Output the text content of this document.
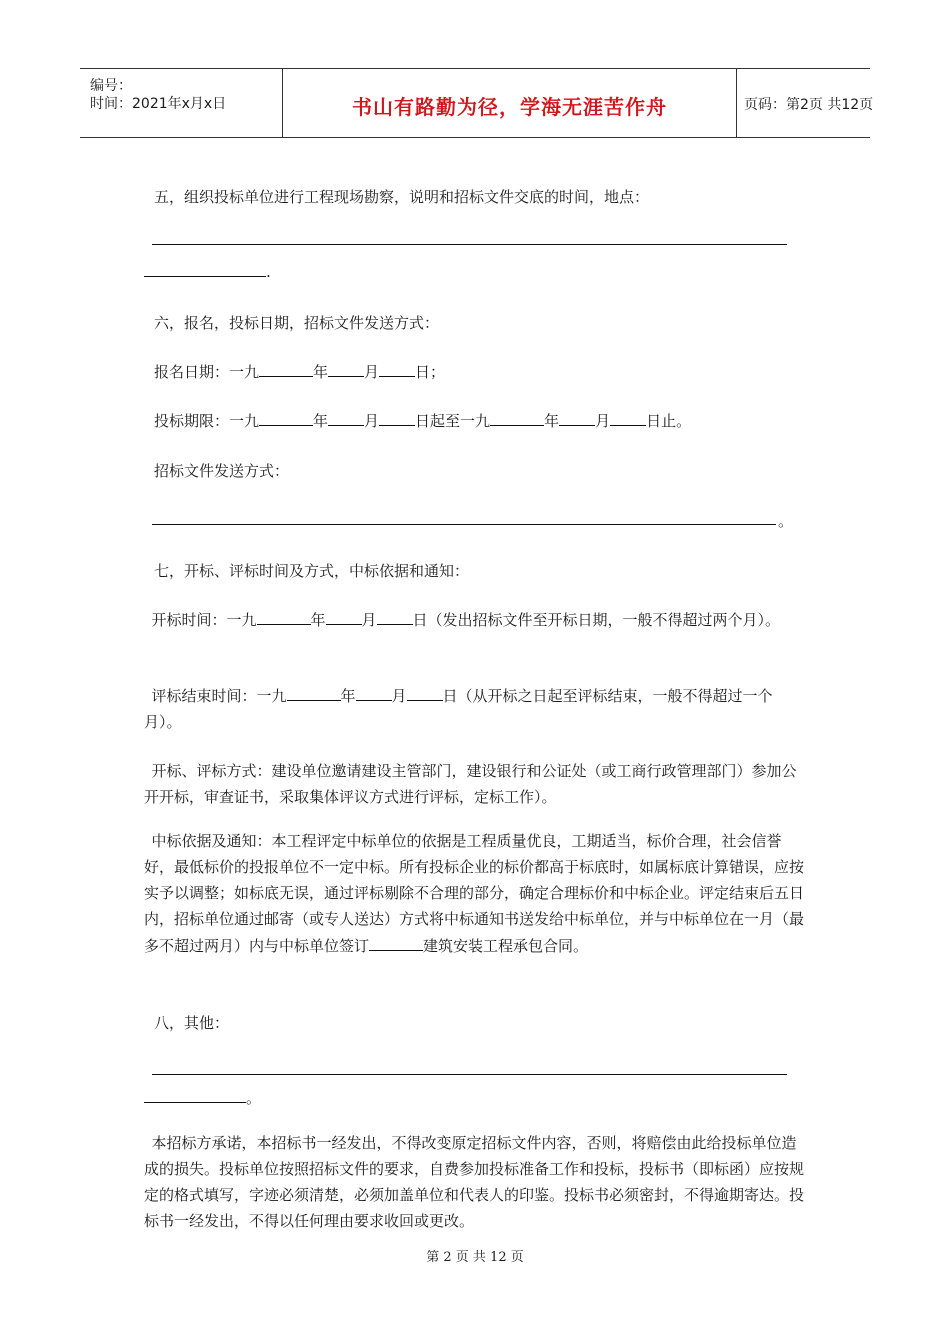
编号：
时间：2021年x月x日	书山有路勤为径，学海无涯苦作舟	页码：第2页 共12页

五，组织投标单位进行工程现场勘察，说明和招标文件交底的时间，地点：

.

六，报名，投标日期，招标文件发送方式：

报名日期：一九	年 月 日；

投标期限：一九	年 月 日起至一九	年 月 日止。

招标文件发送方式：

。

七，开标、评标时间及方式，中标依据和通知：

 开标时间：一九	年 月 日（发出招标文件至开标日期，一般不得超过两个月）。

 评标结束时间：一九	年 月 日（从开标之日起至评标结束，一般不得超过一个月）。

 开标、评标方式：建设单位邀请建设主管部门，建设银行和公证处（或工商行政管理部门）参加公开开标，审查证书，采取集体评议方式进行评标，定标工作）。

 中标依据及通知：本工程评定中标单位的依据是工程质量优良，工期适当，标价合理，社会信誉好，最低标价的投报单位不一定中标。所有投标企业的标价都高于标底时，如属标底计算错误，应按实予以调整；如标底无误，通过评标剔除不合理的部分，确定合理标价和中标企业。评定结束后五日内，招标单位通过邮寄（或专人送达）方式将中标通知书送发给中标单位，并与中标单位在一月（最多不超过两月）内与中标单位签订	建筑安装工程承包合同。

八，其他：

。

 本招标方承诺，本招标书一经发出，不得改变原定招标文件内容，否则，将赔偿由此给投标单位造成的损失。投标单位按照招标文件的要求，自费参加投标准备工作和投标，投标书（即标函）应按规定的格式填写，字迹必须清楚，必须加盖单位和代表人的印鉴。投标书必须密封，不得逾期寄达。投标书一经发出，不得以任何理由要求收回或更改。

第 2 页 共 12 页
